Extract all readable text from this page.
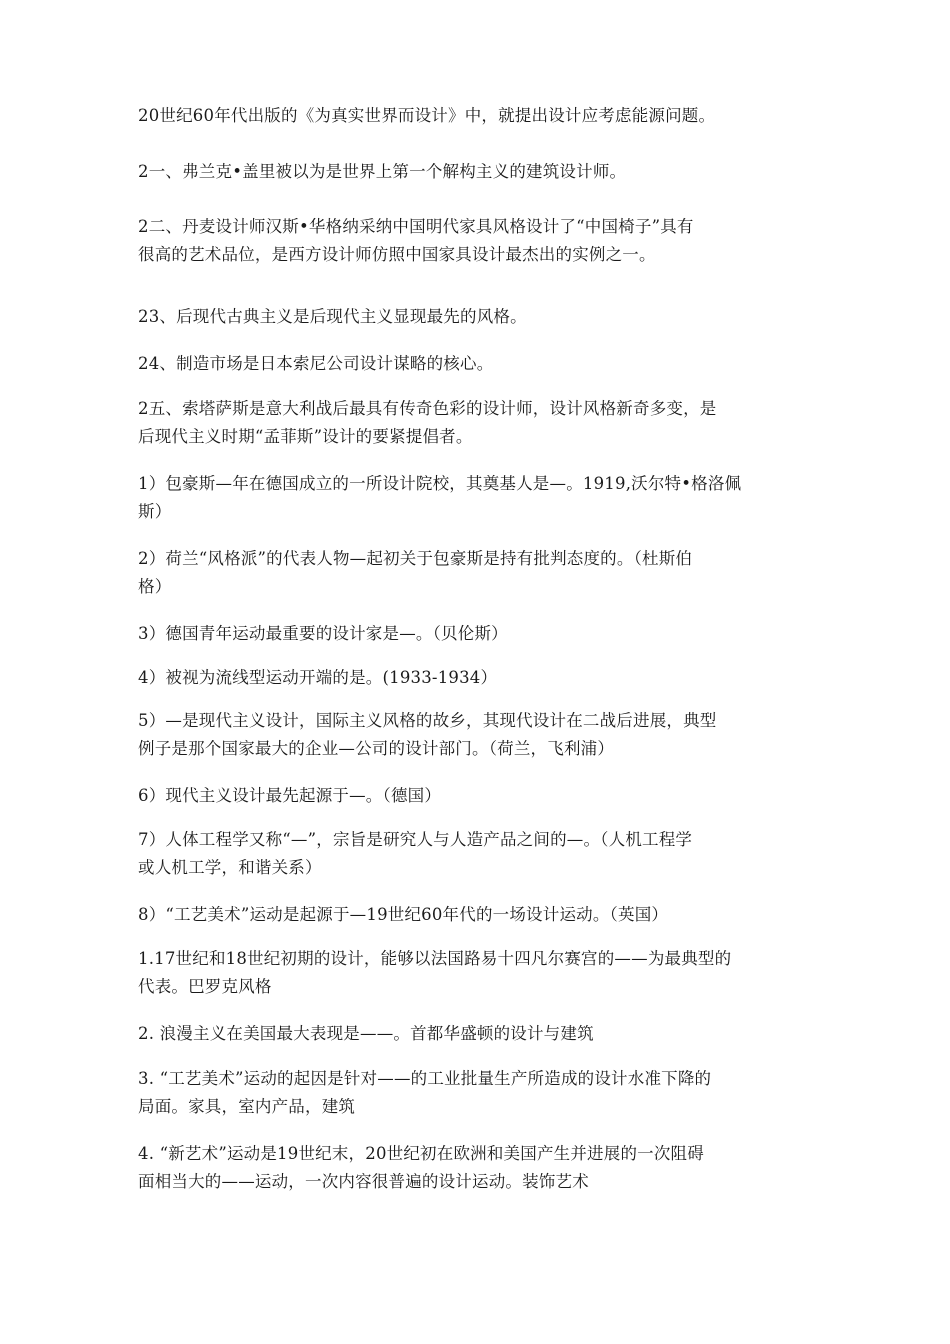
20世纪60年代出版的《为真实世界而设计》中，就提出设计应考虑能源问题。

2一、弗兰克•盖里被以为是世界上第一个解构主义的建筑设计师。

2二、丹麦设计师汉斯•华格纳采纳中国明代家具风格设计了“中国椅子”具有
很高的艺术品位，是西方设计师仿照中国家具设计最杰出的实例之一。

23、后现代古典主义是后现代主义显现最先的风格。

24、制造市场是日本索尼公司设计谋略的核心。

2五、索塔萨斯是意大利战后最具有传奇色彩的设计师，设计风格新奇多变，是
后现代主义时期“孟菲斯”设计的要紧提倡者。

1）包豪斯—年在德国成立的一所设计院校，其奠基人是—。1919,沃尔特•格洛佩
斯）

2）荷兰“风格派”的代表人物—起初关于包豪斯是持有批判态度的。（杜斯伯
格）

3）德国青年运动最重要的设计家是—。（贝伦斯）

4）被视为流线型运动开端的是。(1933-1934）

5）—是现代主义设计，国际主义风格的故乡，其现代设计在二战后进展，典型
例子是那个国家最大的企业—公司的设计部门。（荷兰，飞利浦）

6）现代主义设计最先起源于—。（德国）

7）人体工程学又称“—”，宗旨是研究人与人造产品之间的—。（人机工程学
或人机工学，和谐关系）

8）“工艺美术”运动是起源于—19世纪60年代的一场设计运动。（英国）

1.17世纪和18世纪初期的设计，能够以法国路易十四凡尔赛宫的——为最典型的
代表。巴罗克风格

2. 浪漫主义在美国最大表现是——。首都华盛顿的设计与建筑

3. “工艺美术”运动的起因是针对——的工业批量生产所造成的设计水准下降的
局面。家具，室内产品，建筑

4. “新艺术”运动是19世纪末，20世纪初在欧洲和美国产生并进展的一次阻碍
面相当大的——运动，一次内容很普遍的设计运动。装饰艺术
